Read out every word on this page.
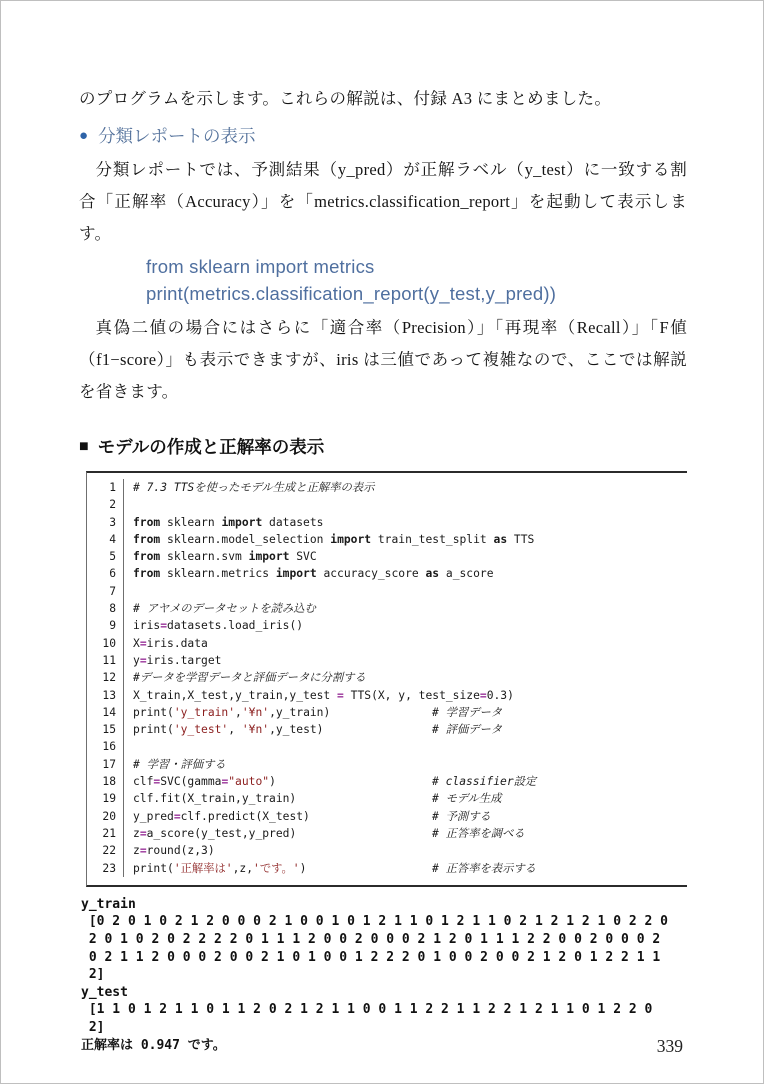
のプログラムを示します。これらの解説は、付録 A3 にまとめました。

● 分類レポートの表示

分類レポートでは、予測結果（y_pred）が正解ラベル（y_test）に一致する割合「正解率（Accuracy）」を「metrics.classification_report」を起動して表示します。

from sklearn import metrics
print(metrics.classification_report(y_test,y_pred))

真偽二値の場合にはさらに「適合率（Precision）」「再現率（Recall）」「F値（f1−score）」も表示できますが、iris は三値であって複雑なので、ここでは解説を省きます。

■ モデルの作成と正解率の表示
1	# 7.3 TTSを使ったモデル生成と正解率の表示
2
3	from sklearn import datasets
4	from sklearn.model_selection import train_test_split as TTS
5	from sklearn.svm import SVC
6	from sklearn.metrics import accuracy_score as a_score
7
8	# アヤメのデータセットを読み込む
9	iris=datasets.load_iris()
10	X=iris.data
11	y=iris.target
12	#データを学習データと評価データに分割する
13	X_train,X_test,y_train,y_test = TTS(X, y, test_size=0.3)
14	print('y_train','¥n',y_train)	# 学習データ
15	print('y_test', '¥n',y_test)	# 評価データ
16
17	# 学習・評価する
18	clf=SVC(gamma="auto")	# classifier設定
19	clf.fit(X_train,y_train)	# モデル生成
20	y_pred=clf.predict(X_test)	# 予測する
21	z=a_score(y_test,y_pred)	# 正答率を調べる
22	z=round(z,3)
23	print('正解率は',z,'です。')	# 正答率を表示する
y_train
[0 2 0 1 0 2 1 2 0 0 0 2 1 0 0 1 0 1 2 1 1 0 1 2 1 1 0 2 1 2 1 2 1 0 2 2 0
2 0 1 0 2 0 2 2 2 2 0 1 1 1 2 0 0 2 0 0 0 2 1 2 0 1 1 1 2 2 0 0 2 0 0 0 2
0 2 1 1 2 0 0 0 2 0 0 2 1 0 1 0 0 1 2 2 2 0 1 0 0 2 0 0 2 1 2 0 1 2 2 1 1
2]
y_test
[1 1 0 1 2 1 1 0 1 1 2 0 2 1 2 1 1 0 0 1 1 2 2 1 1 2 2 1 2 1 1 0 1 2 2 0
2]
正解率は 0.947 です。	339
